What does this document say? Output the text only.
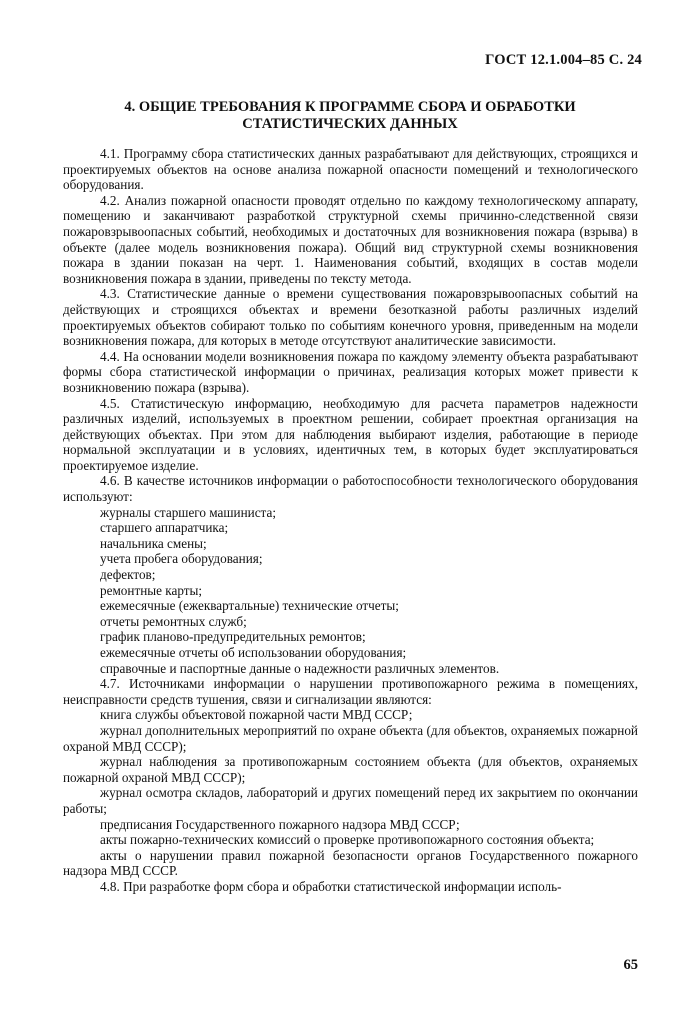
ГОСТ 12.1.004–85 С. 24
4. ОБЩИЕ ТРЕБОВАНИЯ К ПРОГРАММЕ СБОРА И ОБРАБОТКИ
СТАТИСТИЧЕСКИХ ДАННЫХ

4.1. Программу сбора статистических данных разрабатывают для действующих, строящихся и проектируемых объектов на основе анализа пожарной опасности помещений и технологического оборудования.

4.2. Анализ пожарной опасности проводят отдельно по каждому технологическому аппарату, помещению и заканчивают разработкой структурной схемы причинно-следственной связи пожаровзрывоопасных событий, необходимых и достаточных для возникновения пожара (взрыва) в объекте (далее модель возникновения пожара). Общий вид структурной схемы возникновения пожара в здании показан на черт. 1. Наименования событий, входящих в состав модели возникновения пожара в здании, приведены по тексту метода.

4.3. Статистические данные о времени существования пожаровзрывоопасных событий на действующих и строящихся объектах и времени безотказной работы различных изделий проектируемых объектов собирают только по событиям конечного уровня, приведенным на модели возникновения пожара, для которых в методе отсутствуют аналитические зависимости.

4.4. На основании модели возникновения пожара по каждому элементу объекта разрабатывают формы сбора статистической информации о причинах, реализация которых может привести к возникновению пожара (взрыва).

4.5. Статистическую информацию, необходимую для расчета параметров надежности различных изделий, используемых в проектном решении, собирает проектная организация на действующих объектах. При этом для наблюдения выбирают изделия, работающие в периоде нормальной эксплуатации и в условиях, идентичных тем, в которых будет эксплуатироваться проектируемое изделие.

4.6. В качестве источников информации о работоспособности технологического оборудования используют:

журналы старшего машиниста;
старшего аппаратчика;
начальника смены;
учета пробега оборудования;
дефектов;
ремонтные карты;
ежемесячные (ежеквартальные) технические отчеты;
отчеты ремонтных служб;
график планово-предупредительных ремонтов;
ежемесячные отчеты об использовании оборудования;
справочные и паспортные данные о надежности различных элементов.

4.7. Источниками информации о нарушении противопожарного режима в помещениях, неисправности средств тушения, связи и сигнализации являются:

книга службы объектовой пожарной части МВД СССР;

журнал дополнительных мероприятий по охране объекта (для объектов, охраняемых пожарной охраной МВД СССР);

журнал наблюдения за противопожарным состоянием объекта (для объектов, охраняемых пожарной охраной МВД СССР);

журнал осмотра складов, лабораторий и других помещений перед их закрытием по окончании работы;

предписания Государственного пожарного надзора МВД СССР;

акты пожарно-технических комиссий о проверке противопожарного состояния объекта;

акты о нарушении правил пожарной безопасности органов Государственного пожарного надзора МВД СССР.

4.8. При разработке форм сбора и обработки статистической информации исполь-

65
